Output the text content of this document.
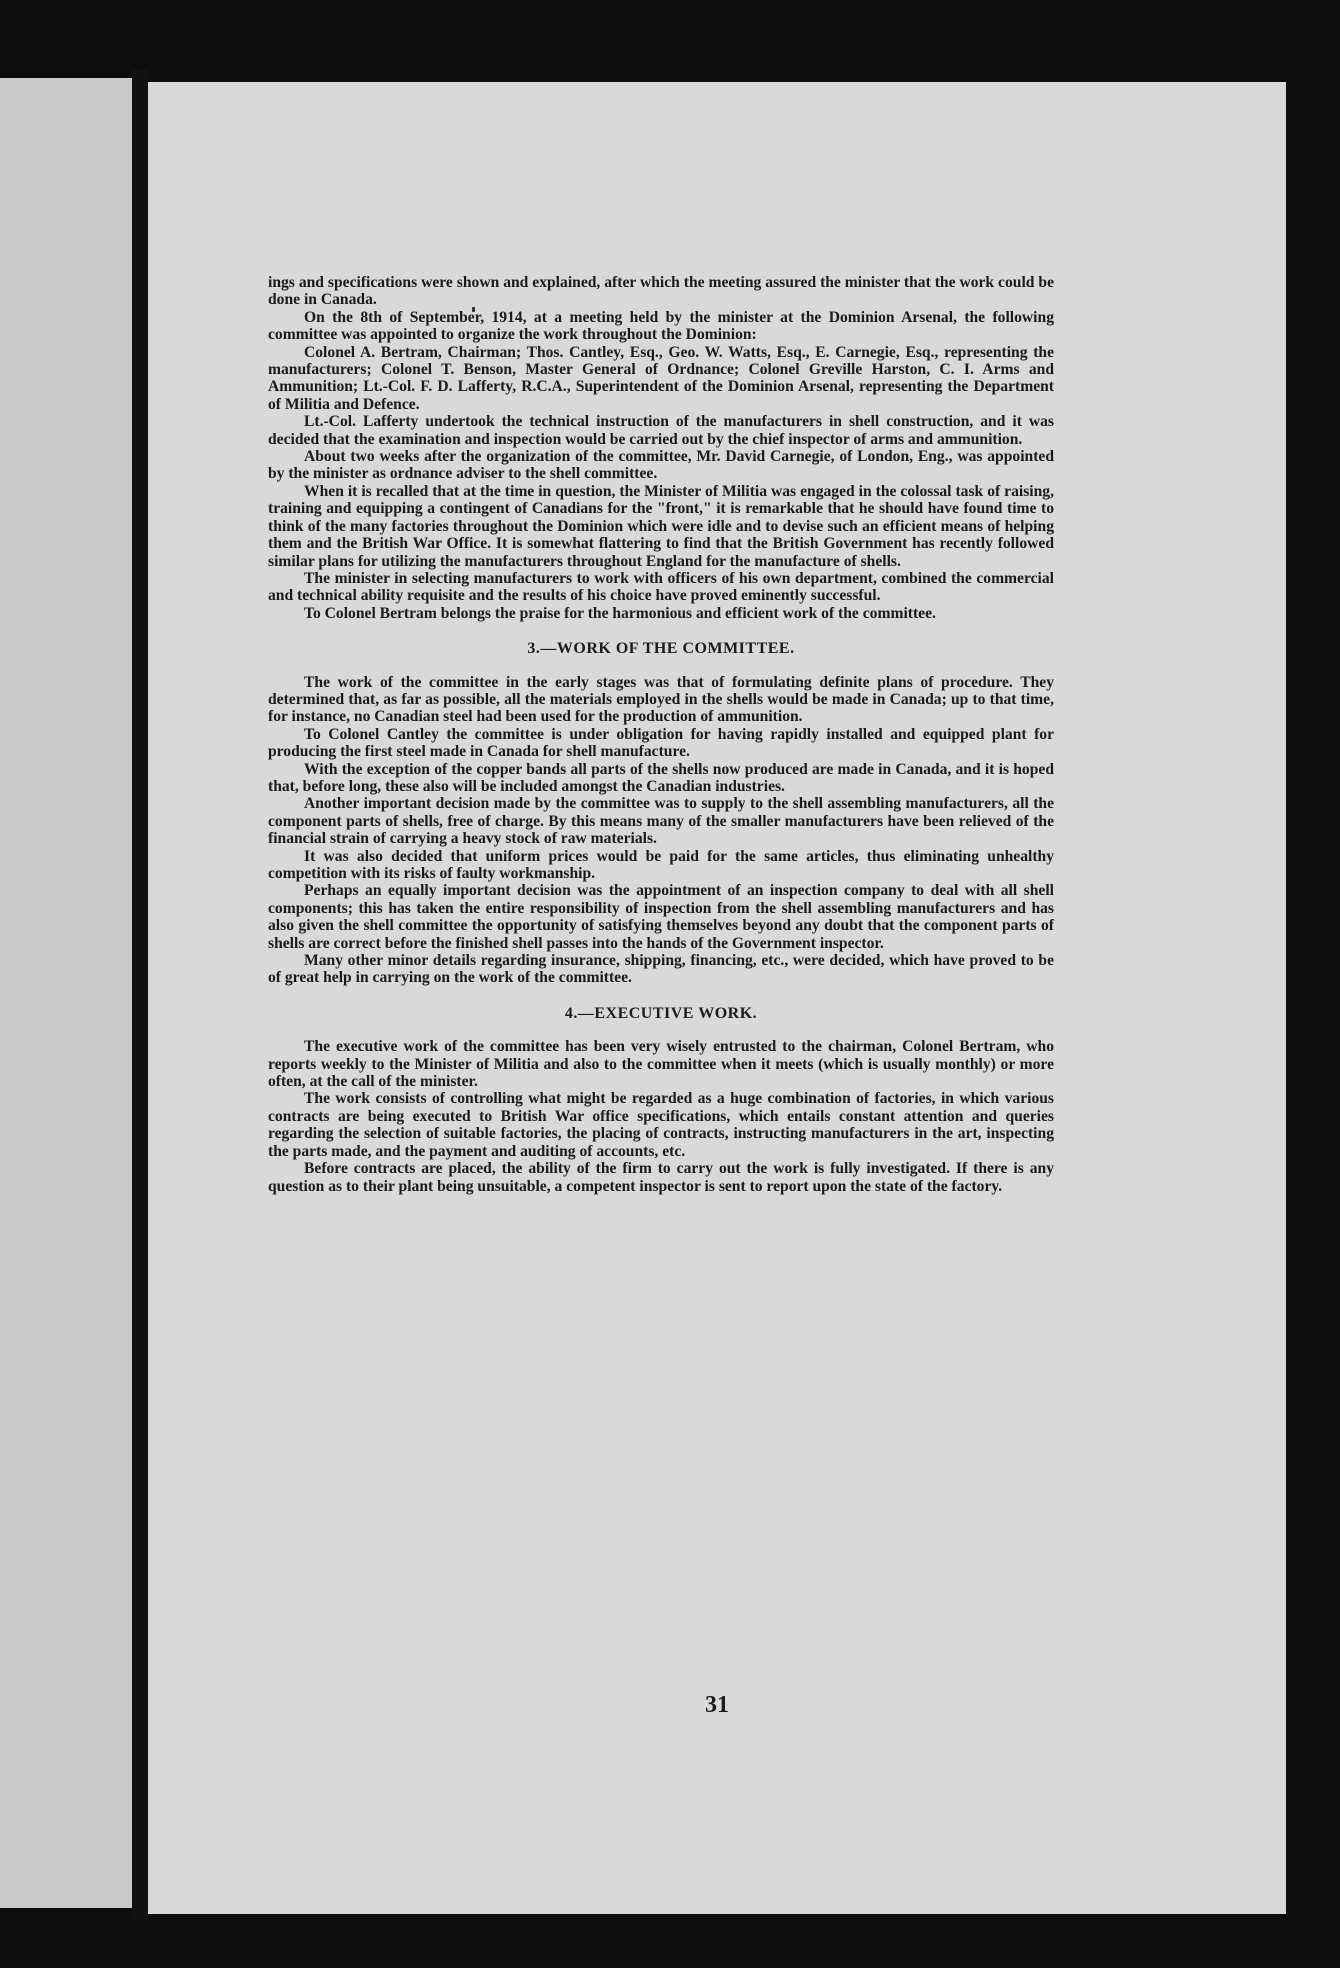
ings and specifications were shown and explained, after which the meeting assured the minister that the work could be done in Canada.

On the 8th of September, 1914, at a meeting held by the minister at the Dominion Arsenal, the following committee was appointed to organize the work throughout the Dominion:

Colonel A. Bertram, Chairman; Thos. Cantley, Esq., Geo. W. Watts, Esq., E. Carnegie, Esq., representing the manufacturers; Colonel T. Benson, Master General of Ordnance; Colonel Greville Harston, C. I. Arms and Ammunition; Lt.-Col. F. D. Lafferty, R.C.A., Superintendent of the Dominion Arsenal, representing the Department of Militia and Defence.

Lt.-Col. Lafferty undertook the technical instruction of the manufacturers in shell construction, and it was decided that the examination and inspection would be carried out by the chief inspector of arms and ammunition.

About two weeks after the organization of the committee, Mr. David Carnegie, of London, Eng., was appointed by the minister as ordnance adviser to the shell committee.

When it is recalled that at the time in question, the Minister of Militia was engaged in the colossal task of raising, training and equipping a contingent of Canadians for the "front," it is remarkable that he should have found time to think of the many factories throughout the Dominion which were idle and to devise such an efficient means of helping them and the British War Office. It is somewhat flattering to find that the British Government has recently followed similar plans for utilizing the manufacturers throughout England for the manufacture of shells.

The minister in selecting manufacturers to work with officers of his own department, combined the commercial and technical ability requisite and the results of his choice have proved eminently successful.

To Colonel Bertram belongs the praise for the harmonious and efficient work of the committee.

3.—WORK OF THE COMMITTEE.

The work of the committee in the early stages was that of formulating definite plans of procedure. They determined that, as far as possible, all the materials employed in the shells would be made in Canada; up to that time, for instance, no Canadian steel had been used for the production of ammunition.

To Colonel Cantley the committee is under obligation for having rapidly installed and equipped plant for producing the first steel made in Canada for shell manufacture.

With the exception of the copper bands all parts of the shells now produced are made in Canada, and it is hoped that, before long, these also will be included amongst the Canadian industries.

Another important decision made by the committee was to supply to the shell assembling manufacturers, all the component parts of shells, free of charge. By this means many of the smaller manufacturers have been relieved of the financial strain of carrying a heavy stock of raw materials.

It was also decided that uniform prices would be paid for the same articles, thus eliminating unhealthy competition with its risks of faulty workmanship.

Perhaps an equally important decision was the appointment of an inspection company to deal with all shell components; this has taken the entire responsibility of inspection from the shell assembling manufacturers and has also given the shell committee the opportunity of satisfying themselves beyond any doubt that the component parts of shells are correct before the finished shell passes into the hands of the Government inspector.

Many other minor details regarding insurance, shipping, financing, etc., were decided, which have proved to be of great help in carrying on the work of the committee.

4.—EXECUTIVE WORK.

The executive work of the committee has been very wisely entrusted to the chairman, Colonel Bertram, who reports weekly to the Minister of Militia and also to the committee when it meets (which is usually monthly) or more often, at the call of the minister.

The work consists of controlling what might be regarded as a huge combination of factories, in which various contracts are being executed to British War office specifications, which entails constant attention and queries regarding the selection of suitable factories, the placing of contracts, instructing manufacturers in the art, inspecting the parts made, and the payment and auditing of accounts, etc.

Before contracts are placed, the ability of the firm to carry out the work is fully investigated. If there is any question as to their plant being unsuitable, a competent inspector is sent to report upon the state of the factory.

31
